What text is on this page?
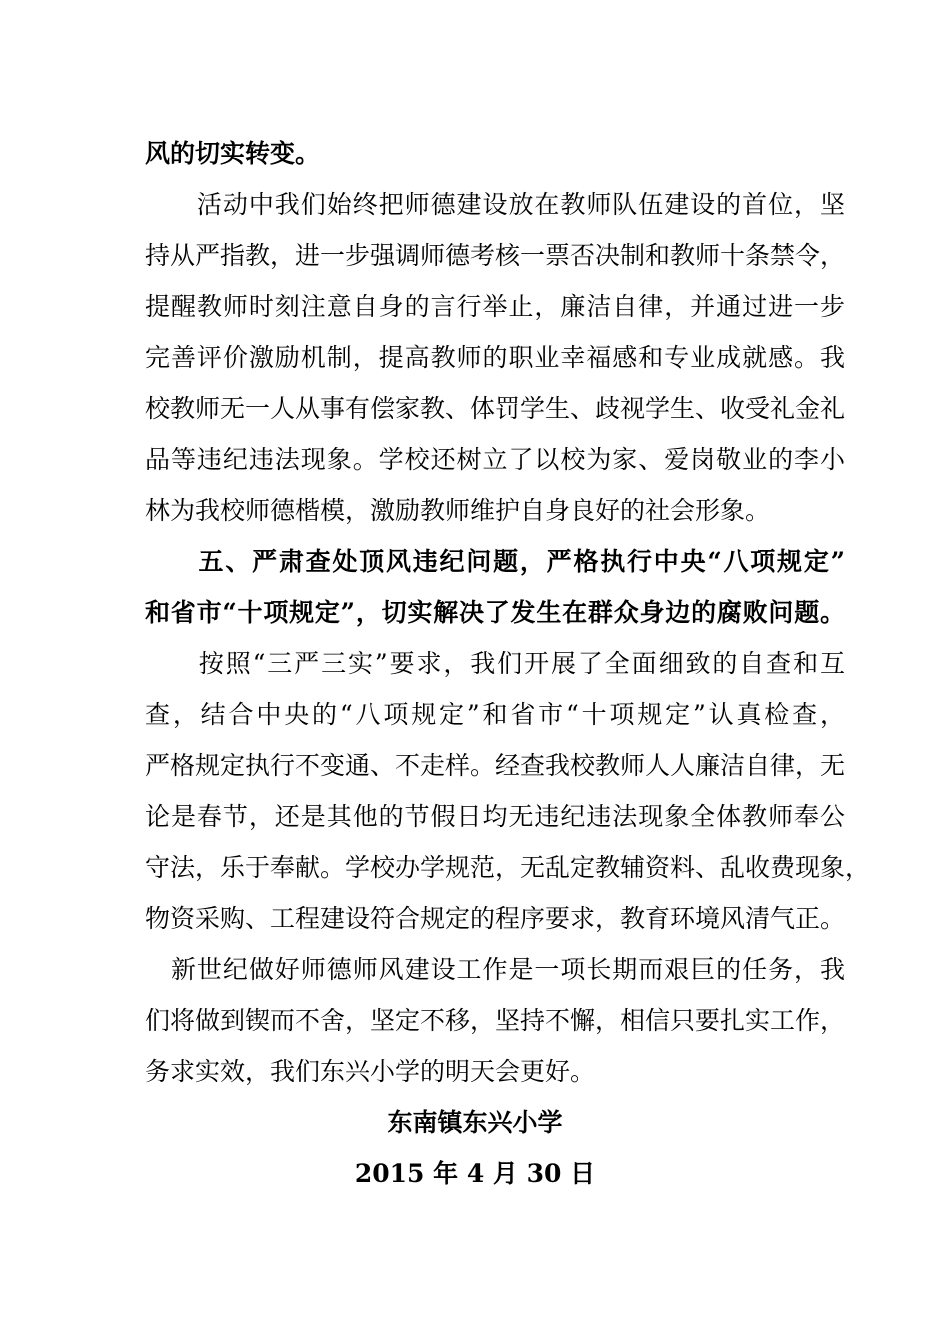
风的切实转变。
　　活动中我们始终把师德建设放在教师队伍建设的首位，坚
持从严指教，进一步强调师德考核一票否决制和教师十条禁令，
提醒教师时刻注意自身的言行举止，廉洁自律，并通过进一步
完善评价激励机制，提高教师的职业幸福感和专业成就感。我
校教师无一人从事有偿家教、体罚学生、歧视学生、收受礼金礼
品等违纪违法现象。学校还树立了以校为家、爱岗敬业的李小
林为我校师德楷模，激励教师维护自身良好的社会形象。
　　五、严肃查处顶风违纪问题，严格执行中央“八项规定”
和省市“十项规定”，切实解决了发生在群众身边的腐败问题。
　　按照“三严三实”要求，我们开展了全面细致的自查和互
查，结合中央的“八项规定”和省市“十项规定”认真检查，
严格规定执行不变通、不走样。经查我校教师人人廉洁自律，无
论是春节，还是其他的节假日均无违纪违法现象全体教师奉公
守法，乐于奉献。学校办学规范，无乱定教辅资料、乱收费现象，
物资采购、工程建设符合规定的程序要求，教育环境风清气正。
　新世纪做好师德师风建设工作是一项长期而艰巨的任务，我
们将做到锲而不舍，坚定不移，坚持不懈，相信只要扎实工作，
务求实效，我们东兴小学的明天会更好。
东南镇东兴小学
2015 年 4 月 30 日
